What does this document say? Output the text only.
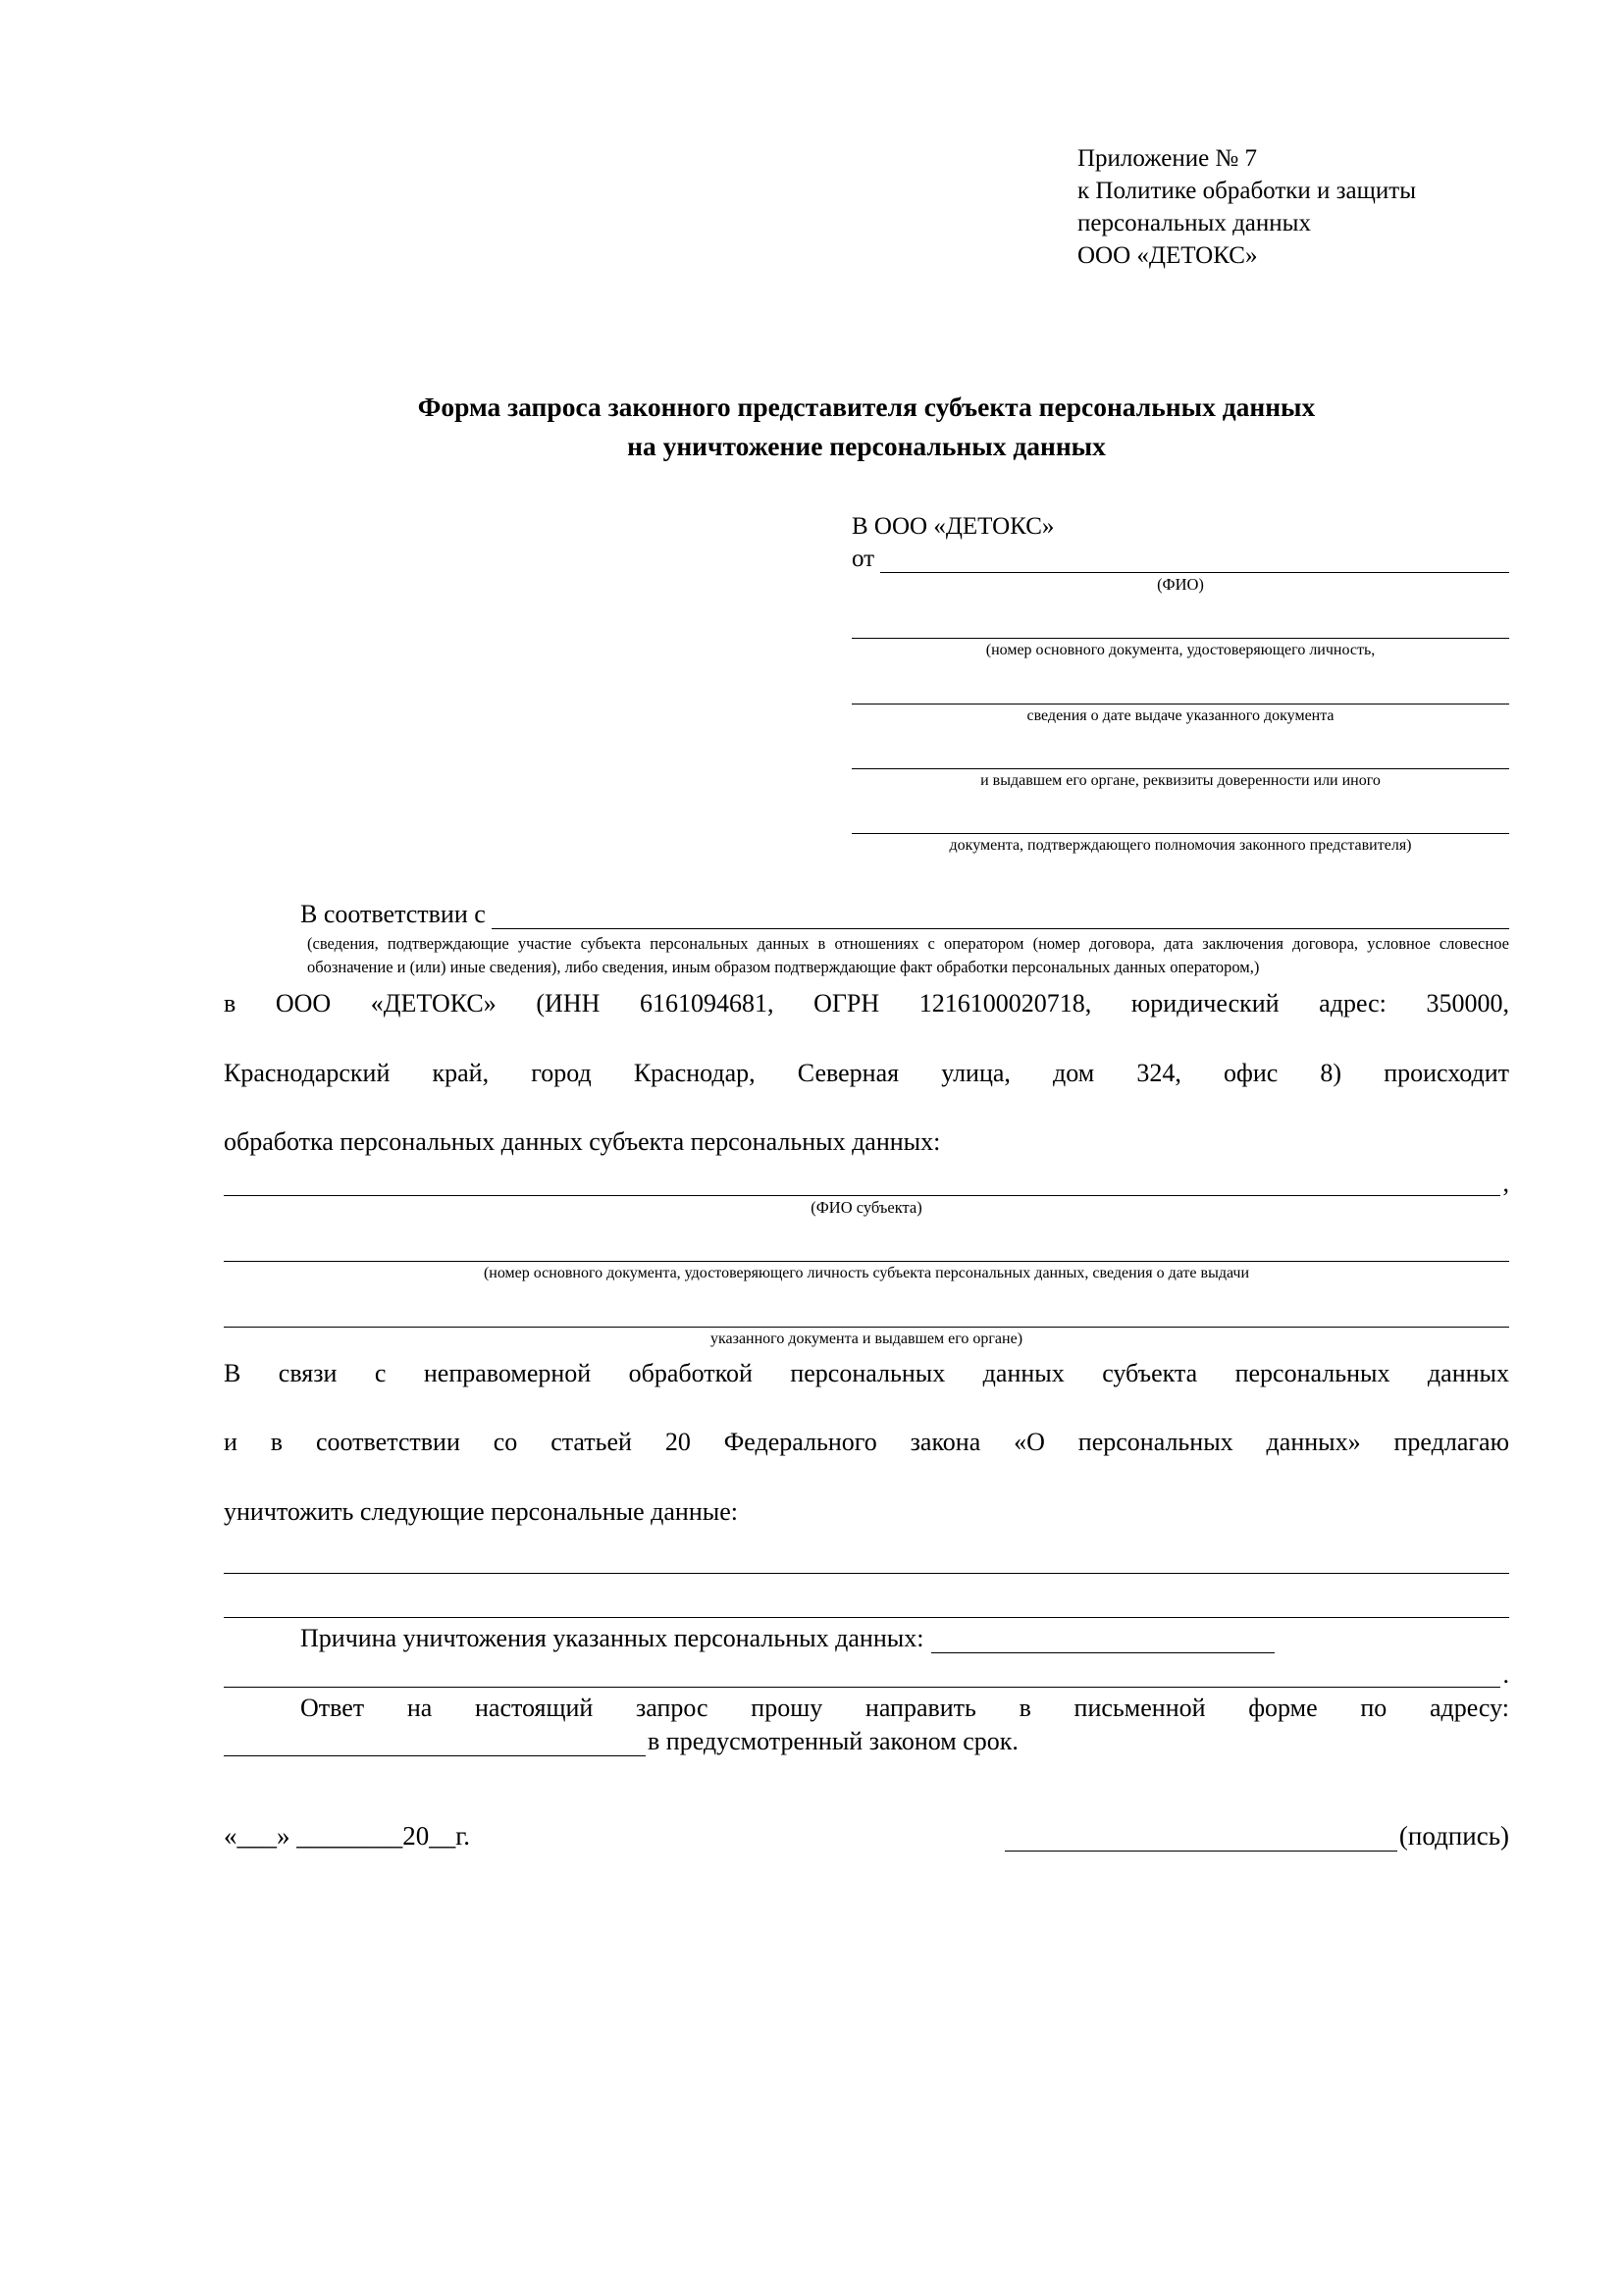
Приложение № 7
к Политике обработки и защиты
персональных данных
ООО «ДЕТОКС»
Форма запроса законного представителя субъекта персональных данных
на уничтожение персональных данных
В ООО «ДЕТОКС»
от
(ФИО)
(номер основного документа, удостоверяющего личность,
сведения о дате выдаче указанного документа
и выдавшем его органе, реквизиты доверенности или иного
документа, подтверждающего полномочия законного представителя)
В соответствии с
(сведения, подтверждающие участие субъекта персональных данных в отношениях с оператором (номер договора, дата заключения договора, условное словесное обозначение и (или) иные сведения), либо сведения, иным образом подтверждающие факт обработки персональных данных оператором,)
в ООО «ДЕТОКС» (ИНН 6161094681, ОГРН 1216100020718, юридический адрес: 350000,
Краснодарский край, город Краснодар, Северная улица, дом 324, офис 8) происходит
обработка персональных данных субъекта персональных данных:
,
(ФИО субъекта)
(номер основного документа, удостоверяющего личность субъекта персональных данных, сведения о дате выдачи
указанного документа и выдавшем его органе)
В связи с неправомерной обработкой персональных данных субъекта персональных данных
и в соответствии со статьей 20 Федерального закона «О персональных данных» предлагаю
уничтожить следующие персональные данные:
Причина уничтожения указанных персональных данных:
.
Ответ на настоящий запрос прошу направить в письменной форме по адресу:
в предусмотренный законом срок.
«___» ________20__г.	(подпись)
